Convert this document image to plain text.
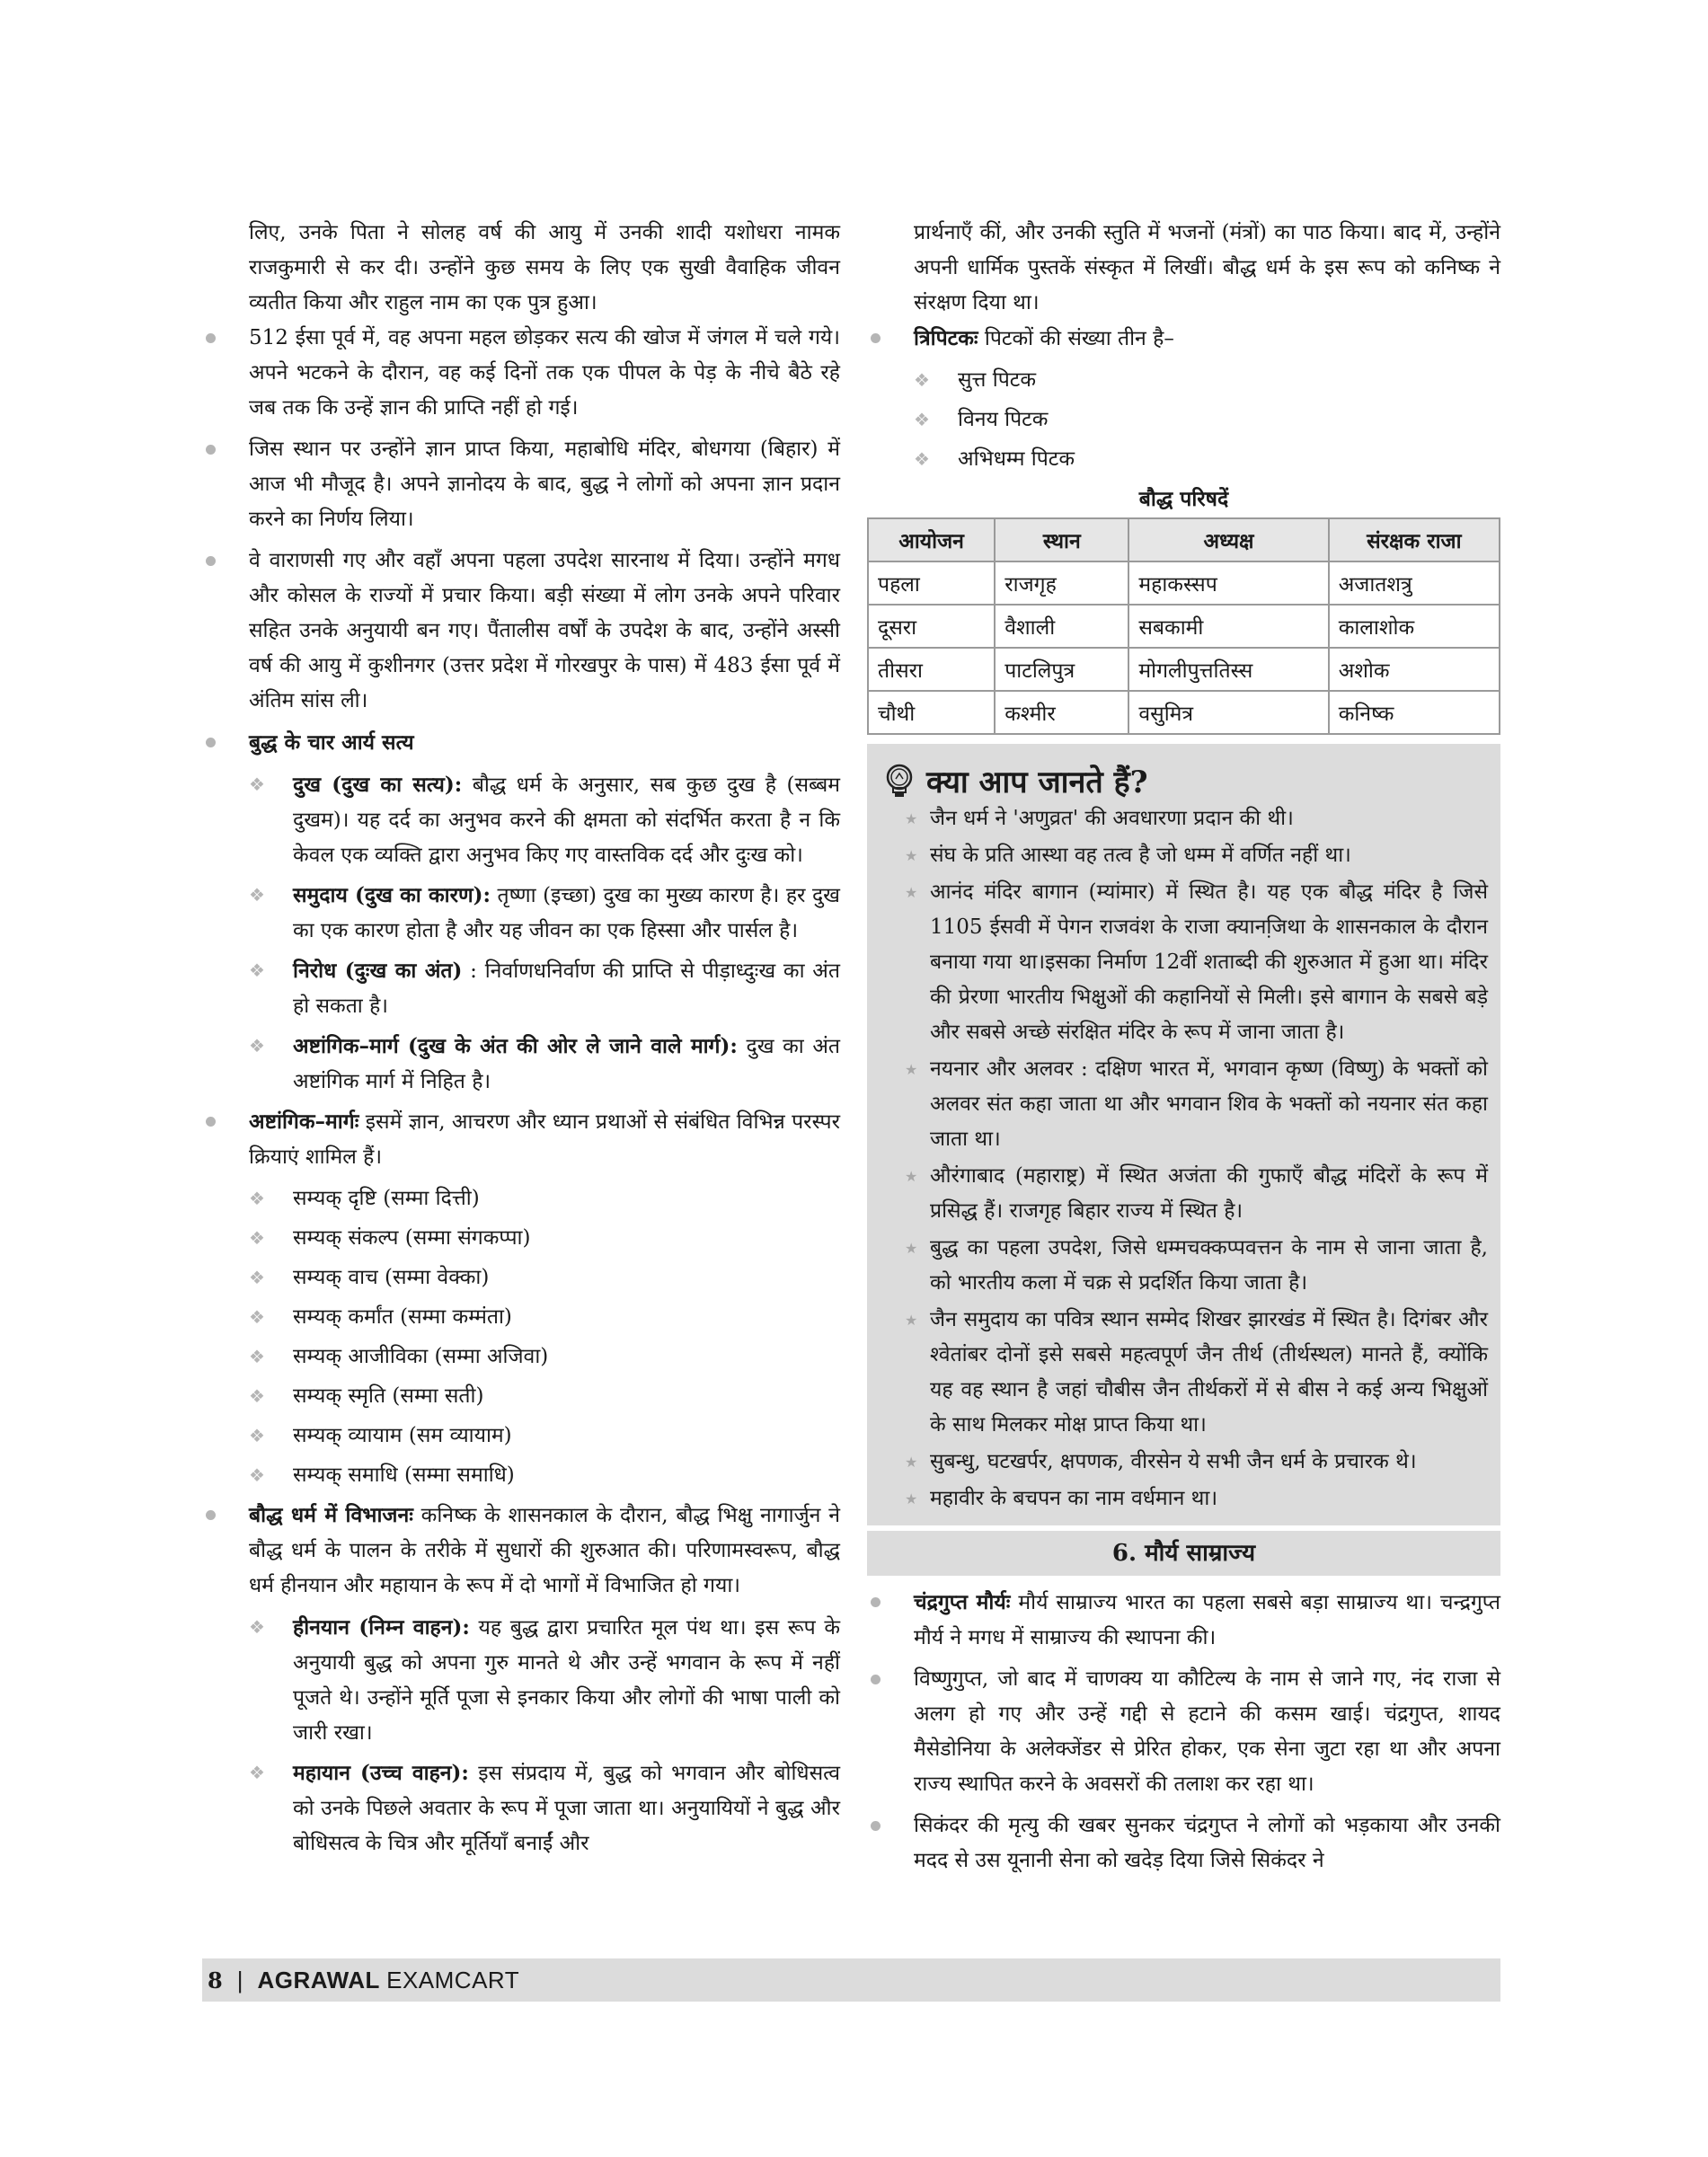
लिए, उनके पिता ने सोलह वर्ष की आयु में उनकी शादी यशोधरा नामक राजकुमारी से कर दी। उन्होंने कुछ समय के लिए एक सुखी वैवाहिक जीवन व्यतीत किया और राहुल नाम का एक पुत्र हुआ।

512 ईसा पूर्व में, वह अपना महल छोड़कर सत्य की खोज में जंगल में चले गये। अपने भटकने के दौरान, वह कई दिनों तक एक पीपल के पेड़ के नीचे बैठे रहे जब तक कि उन्हें ज्ञान की प्राप्ति नहीं हो गई।
जिस स्थान पर उन्होंने ज्ञान प्राप्त किया, महाबोधि मंदिर, बोधगया (बिहार) में आज भी मौजूद है। अपने ज्ञानोदय के बाद, बुद्ध ने लोगों को अपना ज्ञान प्रदान करने का निर्णय लिया।
वे वाराणसी गए और वहाँ अपना पहला उपदेश सारनाथ में दिया। उन्होंने मगध और कोसल के राज्यों में प्रचार किया। बड़ी संख्या में लोग उनके अपने परिवार सहित उनके अनुयायी बन गए। पैंतालीस वर्षों के उपदेश के बाद, उन्होंने अस्सी वर्ष की आयु में कुशीनगर (उत्तर प्रदेश में गोरखपुर के पास) में 483 ईसा पूर्व में अंतिम सांस ली।
बुद्ध के चार आर्य सत्य
❖ दुख (दुख का सत्य): बौद्ध धर्म के अनुसार, सब कुछ दुख है (सब्बम दुखम)। यह दर्द का अनुभव करने की क्षमता को संदर्भित करता है न कि केवल एक व्यक्ति द्वारा अनुभव किए गए वास्तविक दर्द और दुःख को।
❖ समुदाय (दुख का कारण): तृष्णा (इच्छा) दुख का मुख्य कारण है। हर दुख का एक कारण होता है और यह जीवन का एक हिस्सा और पार्सल है।
❖ निरोध (दुःख का अंत) : निर्वाणधनिर्वाण की प्राप्ति से पीड़ाध्दुःख का अंत हो सकता है।
❖ अष्टांगिक–मार्ग (दुख के अंत की ओर ले जाने वाले मार्ग): दुख का अंत अष्टांगिक मार्ग में निहित है।
अष्टांगिक–मार्गः इसमें ज्ञान, आचरण और ध्यान प्रथाओं से संबंधित विभिन्न परस्पर क्रियाएं शामिल हैं।
❖ सम्यक् दृष्टि (सम्मा दित्ती)
❖ सम्यक् संकल्प (सम्मा संगकप्पा)
❖ सम्यक् वाच (सम्मा वेक्का)
❖ सम्यक् कर्मांत (सम्मा कम्मंता)
❖ सम्यक् आजीविका (सम्मा अजिवा)
❖ सम्यक् स्मृति (सम्मा सती)
❖ सम्यक् व्यायाम (सम व्यायाम)
❖ सम्यक् समाधि (सम्मा समाधि)
बौद्ध धर्म में विभाजनः कनिष्क के शासनकाल के दौरान, बौद्ध भिक्षु नागार्जुन ने बौद्ध धर्म के पालन के तरीके में सुधारों की शुरुआत की। परिणामस्वरूप, बौद्ध धर्म हीनयान और महायान के रूप में दो भागों में विभाजित हो गया।
❖ हीनयान (निम्न वाहन): यह बुद्ध द्वारा प्रचारित मूल पंथ था। इस रूप के अनुयायी बुद्ध को अपना गुरु मानते थे और उन्हें भगवान के रूप में नहीं पूजते थे। उन्होंने मूर्ति पूजा से इनकार किया और लोगों की भाषा पाली को जारी रखा।
❖ महायान (उच्च वाहन): इस संप्रदाय में, बुद्ध को भगवान और बोधिसत्व को उनके पिछले अवतार के रूप में पूजा जाता था। अनुयायियों ने बुद्ध और बोधिसत्व के चित्र और मूर्तियाँ बनाईं और

प्रार्थनाएँ कीं, और उनकी स्तुति में भजनों (मंत्रों) का पाठ किया। बाद में, उन्होंने अपनी धार्मिक पुस्तकें संस्कृत में लिखीं। बौद्ध धर्म के इस रूप को कनिष्क ने संरक्षण दिया था।

त्रिपिटकः पिटकों की संख्या तीन है–
❖ सुत्त पिटक
❖ विनय पिटक
❖ अभिधम्म पिटक
बौद्ध परिषदें
आयोजन	स्थान	अध्यक्ष	संरक्षक राजा
पहला	राजगृह	महाकस्सप	अजातशत्रु
दूसरा	वैशाली	सबकामी	कालाशोक
तीसरा	पाटलिपुत्र	मोगलीपुत्ततिस्स	अशोक
चौथी	कश्मीर	वसुमित्र	कनिष्क
क्या आप जानते हैं?
★ जैन धर्म ने 'अणुव्रत' की अवधारणा प्रदान की थी।
★ संघ के प्रति आस्था वह तत्व है जो धम्म में वर्णित नहीं था।
★ आनंद मंदिर बागान (म्यांमार) में स्थित है। यह एक बौद्ध मंदिर है जिसे 1105 ईसवी में पेगन राजवंश के राजा क्यानजि़था के शासनकाल के दौरान बनाया गया था।इसका निर्माण 12वीं शताब्दी की शुरुआत में हुआ था। मंदिर की प्रेरणा भारतीय भिक्षुओं की कहानियों से मिली। इसे बागान के सबसे बड़े और सबसे अच्छे संरक्षित मंदिर के रूप में जाना जाता है।
★ नयनार और अलवर : दक्षिण भारत में, भगवान कृष्ण (विष्णु) के भक्तों को अलवर संत कहा जाता था और भगवान शिव के भक्तों को नयनार संत कहा जाता था।
★ औरंगाबाद (महाराष्ट्र) में स्थित अजंता की गुफाएँ बौद्ध मंदिरों के रूप में प्रसिद्ध हैं। राजगृह बिहार राज्य में स्थित है।
★ बुद्ध का पहला उपदेश, जिसे धम्मचक्कप्पवत्तन के नाम से जाना जाता है, को भारतीय कला में चक्र से प्रदर्शित किया जाता है।
★ जैन समुदाय का पवित्र स्थान सम्मेद शिखर झारखंड में स्थित है। दिगंबर और श्वेतांबर दोनों इसे सबसे महत्वपूर्ण जैन तीर्थ (तीर्थस्थल) मानते हैं, क्योंकि यह वह स्थान है जहां चौबीस जैन तीर्थकरों में से बीस ने कई अन्य भिक्षुओं के साथ मिलकर मोक्ष प्राप्त किया था।
★ सुबन्धु, घटखर्पर, क्षपणक, वीरसेन ये सभी जैन धर्म के प्रचारक थे।
★ महावीर के बचपन का नाम वर्धमान था।
6. मौर्य साम्राज्य
चंद्रगुप्त मौर्यः मौर्य साम्राज्य भारत का पहला सबसे बड़ा साम्राज्य था। चन्द्रगुप्त मौर्य ने मगध में साम्राज्य की स्थापना की।
विष्णुगुप्त, जो बाद में चाणक्य या कौटिल्य के नाम से जाने गए, नंद राजा से अलग हो गए और उन्हें गद्दी से हटाने की कसम खाई। चंद्रगुप्त, शायद मैसेडोनिया के अलेक्जेंडर से प्रेरित होकर, एक सेना जुटा रहा था और अपना राज्य स्थापित करने के अवसरों की तलाश कर रहा था।
सिकंदर की मृत्यु की खबर सुनकर चंद्रगुप्त ने लोगों को भड़काया और उनकी मदद से उस यूनानी सेना को खदेड़ दिया जिसे सिकंदर ने
8 | AGRAWAL EXAMCART
